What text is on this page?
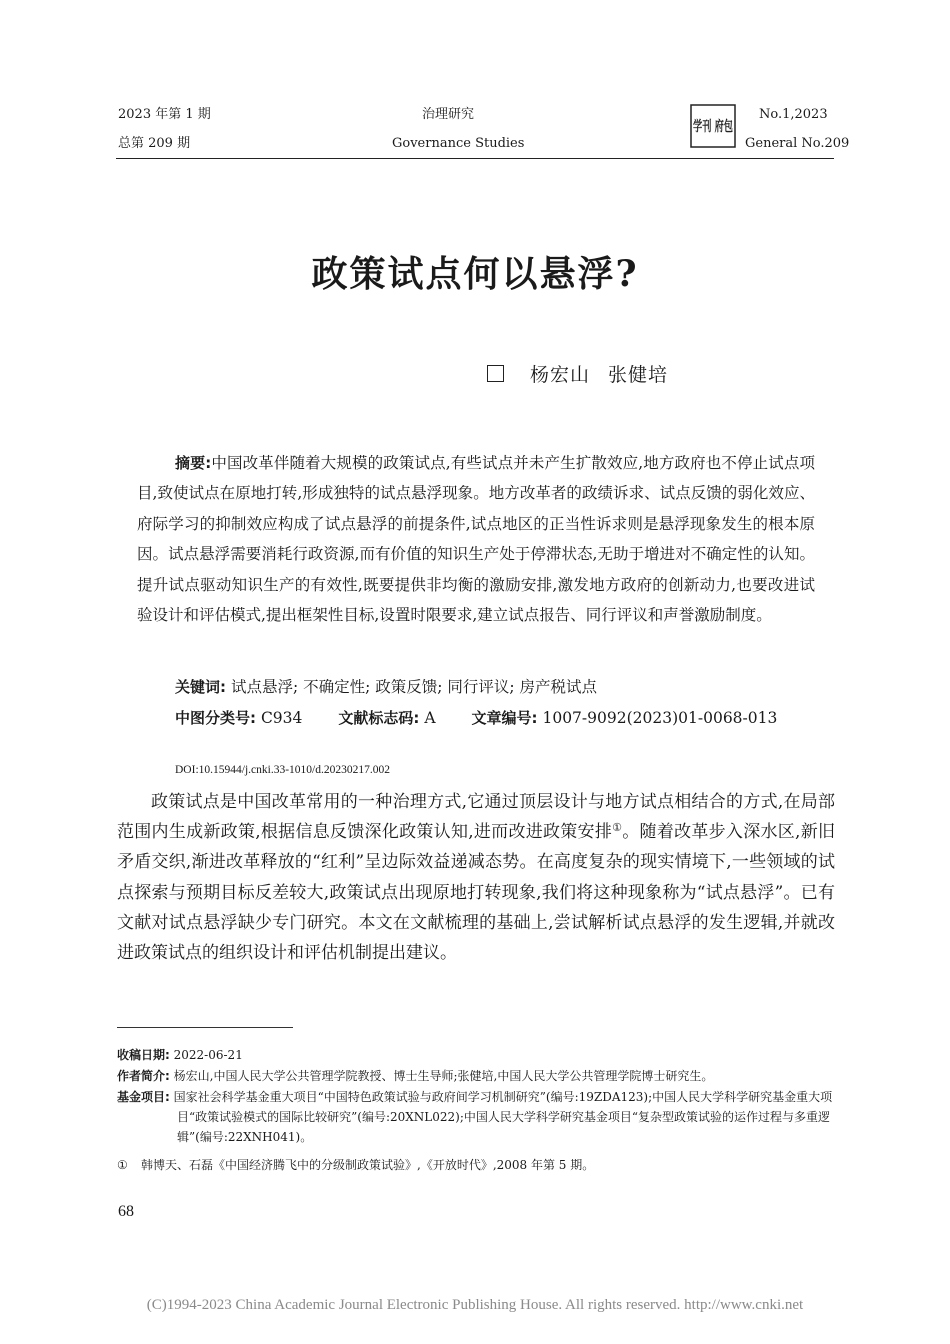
2023 年第 1 期
总第 209 期
治理研究
Governance Studies
学刊 府包
No.1,2023
General No.209
政策试点何以悬浮?
杨宏山 张健培
摘要:中国改革伴随着大规模的政策试点,有些试点并未产生扩散效应,地方政府也不停止试点项目,致使试点在原地打转,形成独特的试点悬浮现象。地方改革者的政绩诉求、试点反馈的弱化效应、府际学习的抑制效应构成了试点悬浮的前提条件,试点地区的正当性诉求则是悬浮现象发生的根本原因。试点悬浮需要消耗行政资源,而有价值的知识生产处于停滞状态,无助于增进对不确定性的认知。提升试点驱动知识生产的有效性,既要提供非均衡的激励安排,激发地方政府的创新动力,也要改进试验设计和评估模式,提出框架性目标,设置时限要求,建立试点报告、同行评议和声誉激励制度。
关键词: 试点悬浮; 不确定性; 政策反馈; 同行评议; 房产税试点
中图分类号: C934 文献标志码: A 文章编号: 1007-9092(2023)01-0068-013
DOI:10.15944/j.cnki.33-1010/d.20230217.002
政策试点是中国改革常用的一种治理方式,它通过顶层设计与地方试点相结合的方式,在局部范围内生成新政策,根据信息反馈深化政策认知,进而改进政策安排①。随着改革步入深水区,新旧矛盾交织,渐进改革释放的“红利”呈边际效益递减态势。在高度复杂的现实情境下,一些领域的试点探索与预期目标反差较大,政策试点出现原地打转现象,我们将这种现象称为“试点悬浮”。已有文献对试点悬浮缺少专门研究。本文在文献梳理的基础上,尝试解析试点悬浮的发生逻辑,并就改进政策试点的组织设计和评估机制提出建议。
收稿日期: 2022-06-21
作者简介: 杨宏山,中国人民大学公共管理学院教授、博士生导师;张健培,中国人民大学公共管理学院博士研究生。
基金项目: 国家社会科学基金重大项目“中国特色政策试验与政府间学习机制研究”(编号:19ZDA123);中国人民大学科学研究基金重大项目“政策试验模式的国际比较研究”(编号:20XNL022);中国人民大学科学研究基金项目“复杂型政策试验的运作过程与多重逻辑”(编号:22XNH041)。
① 韩博天、石磊《中国经济腾飞中的分级制政策试验》,《开放时代》,2008 年第 5 期。
68
(C)1994-2023 China Academic Journal Electronic Publishing House. All rights reserved. http://www.cnki.net
